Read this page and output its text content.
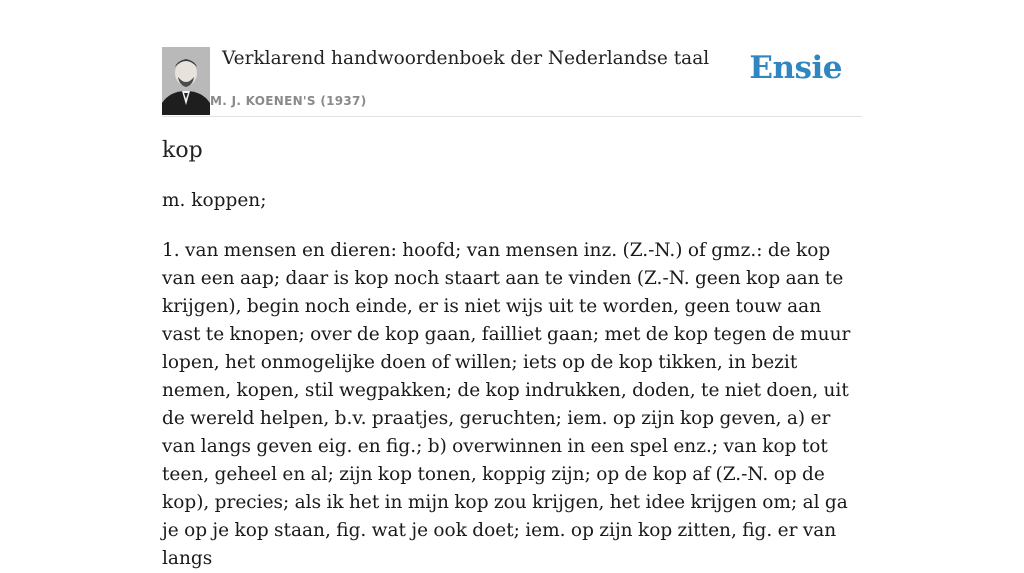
Verklarend handwoordenboek der Nederlandse taal
M. J. KOENEN'S (1937)
Ensie
kop

m. koppen;

1. van mensen en dieren: hoofd; van mensen inz. (Z.-N.) of gmz.: de kop van een aap; daar is kop noch staart aan te vinden (Z.-N. geen kop aan te krijgen), begin noch einde, er is niet wijs uit te worden, geen touw aan vast te knopen; over de kop gaan, failliet gaan; met de kop tegen de muur lopen, het onmogelijke doen of willen; iets op de kop tikken, in bezit nemen, kopen, stil wegpakken; de kop indrukken, doden, te niet doen, uit de wereld helpen, b.v. praatjes, geruchten; iem. op zijn kop geven, a) er van langs geven eig. en fig.; b) overwinnen in een spel enz.; van kop tot teen, geheel en al; zijn kop tonen, koppig zijn; op de kop af (Z.-N. op de kop), precies; als ik het in mijn kop zou krijgen, het idee krijgen om; al ga je op je kop staan, fig. wat je ook doet; iem. op zijn kop zitten, fig. er van langs
